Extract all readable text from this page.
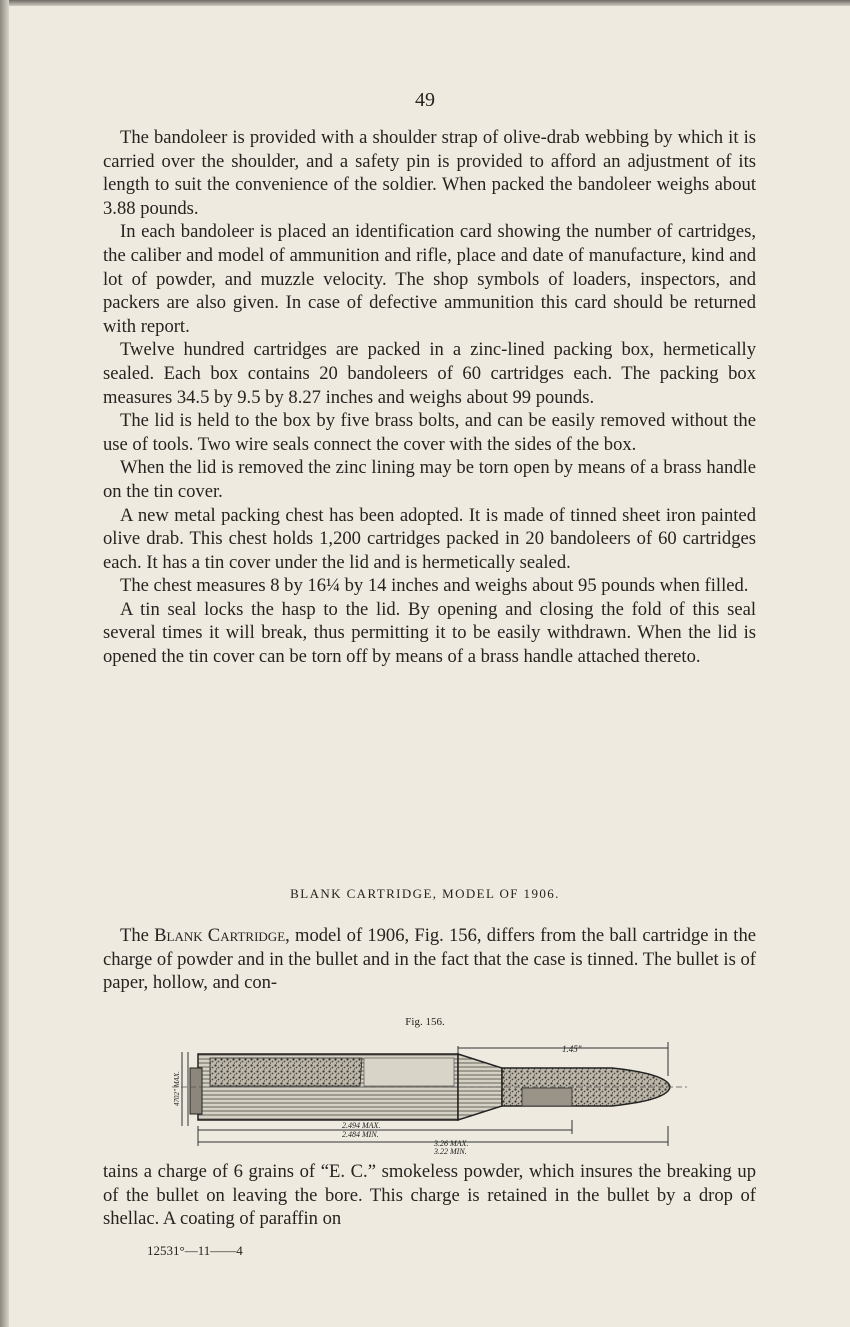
49

The bandoleer is provided with a shoulder strap of olive-drab webbing by which it is carried over the shoulder, and a safety pin is provided to afford an adjustment of its length to suit the convenience of the soldier. When packed the bandoleer weighs about 3.88 pounds.

In each bandoleer is placed an identification card showing the number of cartridges, the caliber and model of ammunition and rifle, place and date of manufacture, kind and lot of powder, and muzzle velocity. The shop symbols of loaders, inspectors, and packers are also given. In case of defective ammunition this card should be returned with report.

Twelve hundred cartridges are packed in a zinc-lined packing box, hermetically sealed. Each box contains 20 bandoleers of 60 cartridges each. The packing box measures 34.5 by 9.5 by 8.27 inches and weighs about 99 pounds.

The lid is held to the box by five brass bolts, and can be easily removed without the use of tools. Two wire seals connect the cover with the sides of the box.

When the lid is removed the zinc lining may be torn open by means of a brass handle on the tin cover.

A new metal packing chest has been adopted. It is made of tinned sheet iron painted olive drab. This chest holds 1,200 cartridges packed in 20 bandoleers of 60 cartridges each. It has a tin cover under the lid and is hermetically sealed.

The chest measures 8 by 16¼ by 14 inches and weighs about 95 pounds when filled.

A tin seal locks the hasp to the lid. By opening and closing the fold of this seal several times it will break, thus permitting it to be easily withdrawn. When the lid is opened the tin cover can be torn off by means of a brass handle attached thereto.

BLANK CARTRIDGE, MODEL OF 1906.

The Blank Cartridge, model of 1906, Fig. 156, differs from the ball cartridge in the charge of powder and in the bullet and in the fact that the case is tinned. The bullet is of paper, hollow, and con-

Fig. 156.
1.45"
2.494 MAX.
2.484 MIN.
3.26 MAX.
3.22 MIN.
4702" MAX.

tains a charge of 6 grains of “E. C.” smokeless powder, which insures the breaking up of the bullet on leaving the bore. This charge is retained in the bullet by a drop of shellac. A coating of paraffin on

12531°—11——4
